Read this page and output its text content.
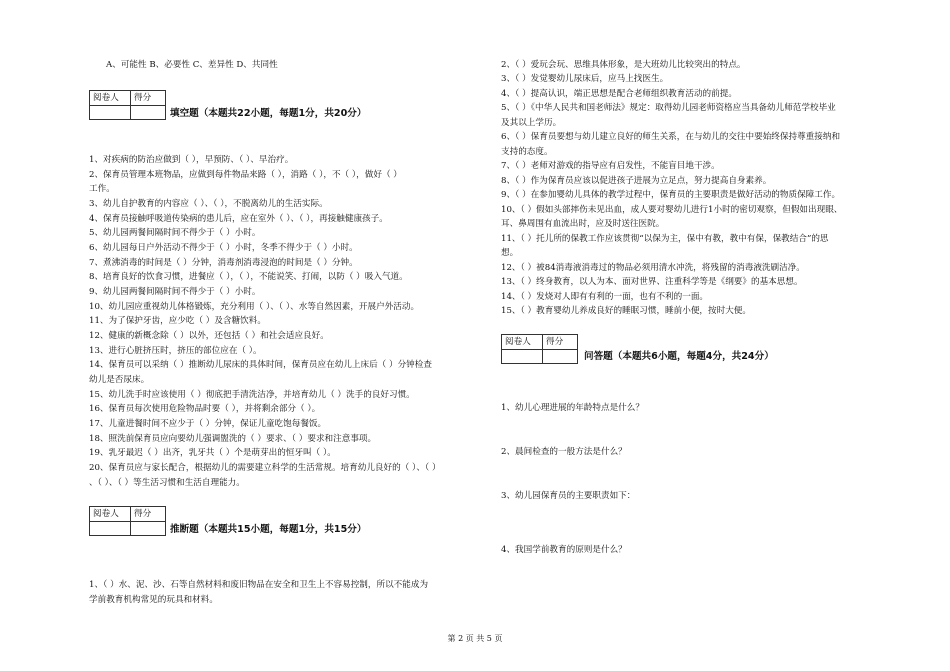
A、可能性 B、必要性 C、差异性 D、共同性
阅卷人	得分

填空题（本题共22小题，每题1分，共20分）
1、对疾病的防治应做到（ ），早预防、（ ）、早治疗。
2、保育员管理本班物品，应做到每件物品来路（ ），消路（ ），不（ ），做好（ ）
工作。
3、幼儿自护教育的内容应（ ）、（ ），不脱离幼儿的生活实际。
4、保育员接触呼吸道传染病的患儿后，应在室外（ ）、（ ），再接触健康孩子。
5、幼儿园两餐间隔时间不得少于（ ）小时。
6、幼儿园每日户外活动不得少于（ ）小时，冬季不得少于（ ）小时。
7、煮沸消毒的时间是（ ）分钟，消毒剂消毒浸泡的时间是（ ）分钟。
8、培育良好的饮食习惯，进餐应（ ），（ ），不能说笑、打闹，以防（ ）吸入气道。
9、幼儿园两餐间隔时间不得少于（ ）小时。
10、幼儿园应重视幼儿体格锻炼，充分利用（ ）、（ ）、水等自然因素，开展户外活动。
11、为了保护牙齿，应少吃（ ）及含糖饮料。
12、健康的新概念除（ ）以外，还包括（ ）和社会适应良好。
13、进行心脏挤压时，挤压的部位应在（ ）。
14、保育员可以采纳（ ）推断幼儿尿床的具体时间，保育员应在幼儿上床后（ ）分钟检查
幼儿是否尿床。
15、幼儿洗手时应该使用（ ）彻底把手清洗洁净，并培育幼儿（ ）洗手的良好习惯。
16、保育员每次使用危险物品时要（ ），并将剩余部分（ ）。
17、儿童进餐时间不应少于（ ）分钟，保证儿童吃饱每餐饭。
18、照洗前保育员应向要幼儿强调盥洗的（ ）要求、（ ）要求和注意事项。
19、乳牙最迟（ ）出齐，乳牙共（ ）个是萌芽出的恒牙叫（ ）。
20、保育员应与家长配合，根据幼儿的需要建立科学的生活常规。培育幼儿良好的（ ）、（ ）
、（ ）、（ ）等生活习惯和生活自理能力。
阅卷人	得分

推断题（本题共15小题，每题1分，共15分）
1、（ ）水、泥、沙、石等自然材料和废旧物品在安全和卫生上不容易控制，所以不能成为
学前教育机构常见的玩具和材料。
2、（ ）爱玩会玩、思维具体形象，是大班幼儿比较突出的特点。
3、（ ）发觉婴幼儿尿床后，应马上找医生。
4、（ ）提高认识，端正思想是配合老师组织教育活动的前提。
5、（ ）《中华人民共和国老师法》规定：取得幼儿园老师资格应当具备幼儿师范学校毕业
及其以上学历。
6、（ ）保育员要想与幼儿建立良好的师生关系，在与幼儿的交往中要始终保持尊重接纳和
支持的态度。
7、（ ）老师对游戏的指导应有启发性，不能盲目地干涉。
8、（ ）作为保育员应该以促进孩子进展为立足点，努力提高自身素养。
9、（ ）在参加婴幼儿具体的教学过程中，保育员的主要职责是做好活动的物质保障工作。
10、（ ）假如头部摔伤未见出血，成人要对婴幼儿进行1小时的密切观察，但假如出现眼、
耳、鼻周围有血流出时，应及时送往医院。
11、（ ）托儿所的保教工作应该贯彻“以保为主，保中有教，教中有保，保教结合”的思
想。
12、（ ）被84消毒液消毒过的物品必须用清水冲洗，将残留的消毒液洗刷洁净。
13、（ ）终身教育，以人为本、面对世界、注重科学等是《纲要》的基本思想。
14、（ ）发烧对人即有有利的一面，也有不利的一面。
15、（ ）教育婴幼儿养成良好的睡眠习惯，睡前小便，按时大便。
阅卷人	得分

问答题（本题共6小题，每题4分，共24分）
1、幼儿心理进展的年龄特点是什么？
2、晨间检查的一般方法是什么？
3、幼儿园保育员的主要职责如下：
4、我国学前教育的原则是什么？
第 2 页 共 5 页
